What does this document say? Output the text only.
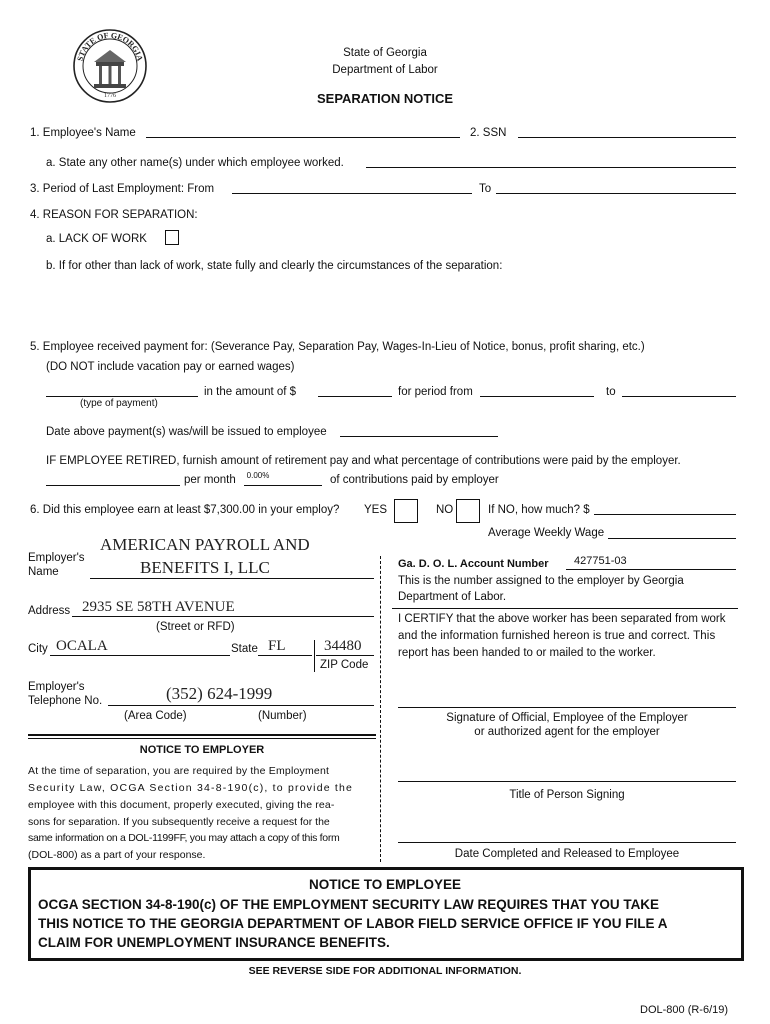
STATE OF GEORGIA
1776
State of Georgia
Department of Labor
SEPARATION NOTICE
1. Employee's Name	2. SSN
a. State any other name(s) under which employee worked.
3. Period of Last Employment: From	To
4. REASON FOR SEPARATION:
a. LACK OF WORK
b. If for other than lack of work, state fully and clearly the circumstances of the separation:
5. Employee received payment for: (Severance Pay, Separation Pay, Wages-In-Lieu of Notice, bonus, profit sharing, etc.)
(DO NOT include vacation pay or earned wages)
(type of payment)
in the amount of $	for period from	to
Date above payment(s) was/will be issued to employee
IF EMPLOYEE RETIRED, furnish amount of retirement pay and what percentage of contributions were paid by the employer.
per month	0.00%	of contributions paid by employer
6. Did this employee earn at least $7,300.00 in your employ? YES	NO	If NO, how much? $
Average Weekly Wage
Employer's
Name
AMERICAN PAYROLL AND
BENEFITS I, LLC
Address 2935 SE 58TH AVENUE
(Street or RFD)
City OCALA	State FL	34480
ZIP Code
Employer's
Telephone No.	(352) 624-1999
(Area Code)	(Number)
NOTICE TO EMPLOYER
At the time of separation, you are required by the Employment
Security Law, OCGA Section 34-8-190(c), to provide the
employee with this document, properly executed, giving the rea-
sons for separation. If you subsequently receive a request for the
same information on a DOL-1199FF, you may attach a copy of this form
(DOL-800) as a part of your response.
Ga. D. O. L. Account Number 427751-03
This is the number assigned to the employer by Georgia
Department of Labor.
I CERTIFY that the above worker has been separated from work
and the information furnished hereon is true and correct. This
report has been handed to or mailed to the worker.
Signature of Official, Employee of the Employer
or authorized agent for the employer
Title of Person Signing
Date Completed and Released to Employee
NOTICE TO EMPLOYEE
OCGA SECTION 34-8-190(c) OF THE EMPLOYMENT SECURITY LAW REQUIRES THAT YOU TAKE
THIS NOTICE TO THE GEORGIA DEPARTMENT OF LABOR FIELD SERVICE OFFICE IF YOU FILE A
CLAIM FOR UNEMPLOYMENT INSURANCE BENEFITS.
SEE REVERSE SIDE FOR ADDITIONAL INFORMATION.
DOL-800 (R-6/19)
